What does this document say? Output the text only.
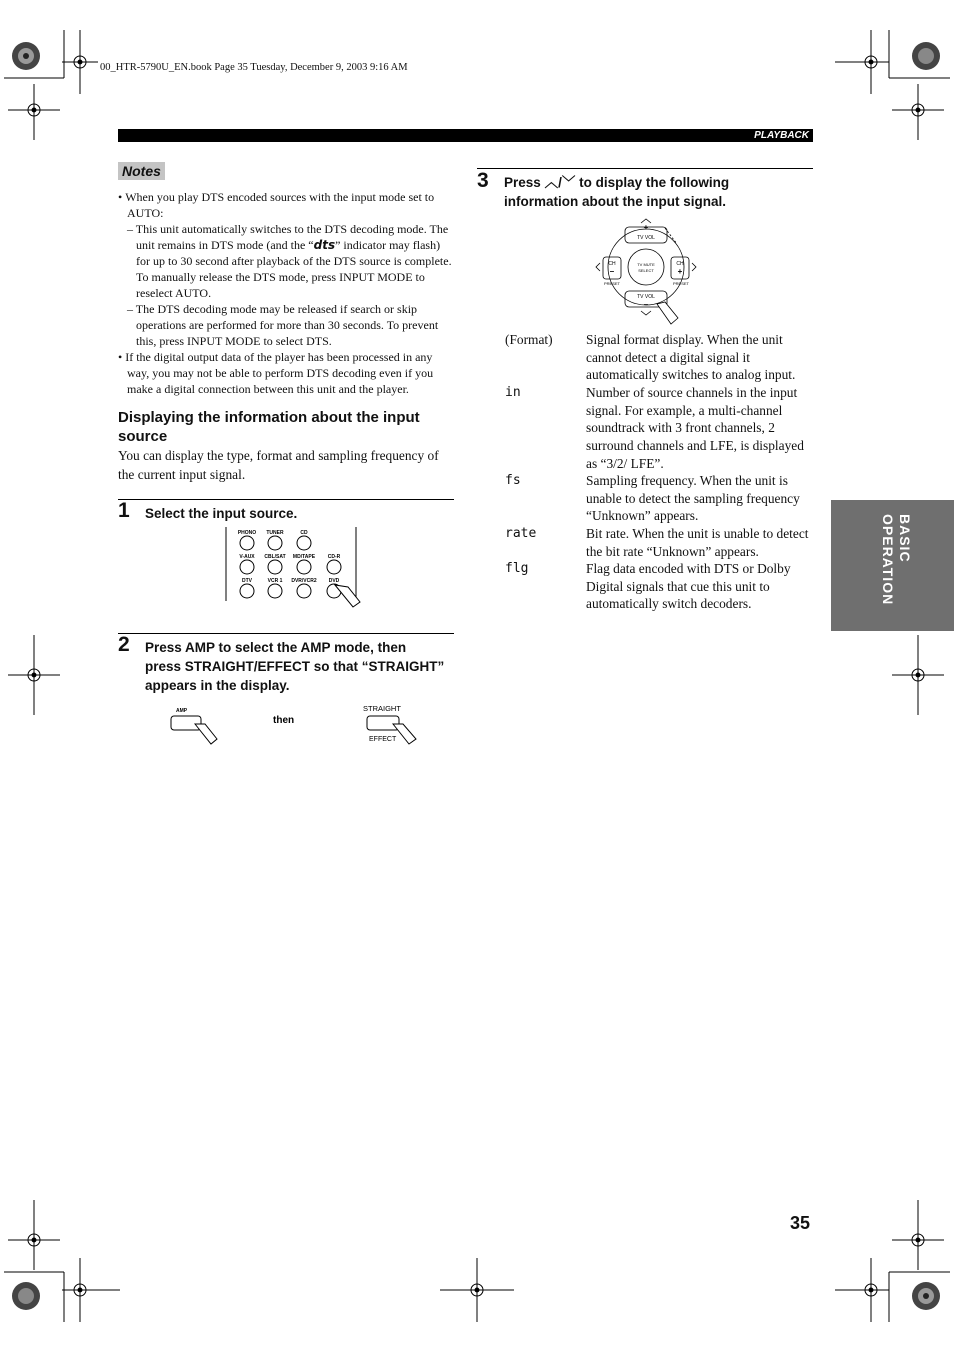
00_HTR-5790U_EN.book Page 35 Tuesday, December 9, 2003 9:16 AM
PLAYBACK
Notes

• When you play DTS encoded sources with the input mode set to AUTO:

– This unit automatically switches to the DTS decoding mode. The unit remains in DTS mode (and the “dts” indicator may flash) for up to 30 second after playback of the DTS source is complete. To manually release the DTS mode, press INPUT MODE to reselect AUTO.

– The DTS decoding mode may be released if search or skip operations are performed for more than 30 seconds. To prevent this, press INPUT MODE to select DTS.

• If the digital output data of the player has been processed in any way, you may not be able to perform DTS decoding even if you make a digital connection between this unit and the player.

Displaying the information about the input source
You can display the type, format and sampling frequency of the current input signal.
1 Select the input source.
PHONO TUNER	CD
V-AUX CBL/SAT MD/TAPE	CD-R
DTV	VCR 1 DVR/VCR2 DVD
2 Press AMP to select the AMP mode, then press STRAIGHT/EFFECT so that “STRAIGHT” appears in the display.
AMP
then
STRAIGHT
EFFECT
3 Press ︿/﹀ to display the following information about the input signal.
+
TV VOL
TV VOL
–
CH
–
CH
+
TV MUTE
SELECT
PRESET	PRESET
(Format) Signal format display. When the unit cannot detect a digital signal it automatically switches to analog input.
in	Number of source channels in the input signal. For example, a multi-channel soundtrack with 3 front channels, 2 surround channels and LFE, is displayed as “3/2/ LFE”.
fs	Sampling frequency. When the unit is unable to detect the sampling frequency “Unknown” appears.
rate	Bit rate. When the unit is unable to detect the bit rate “Unknown” appears.
flg	Flag data encoded with DTS or Dolby Digital signals that cue this unit to automatically switch decoders.
BASIC
OPERATION
35
